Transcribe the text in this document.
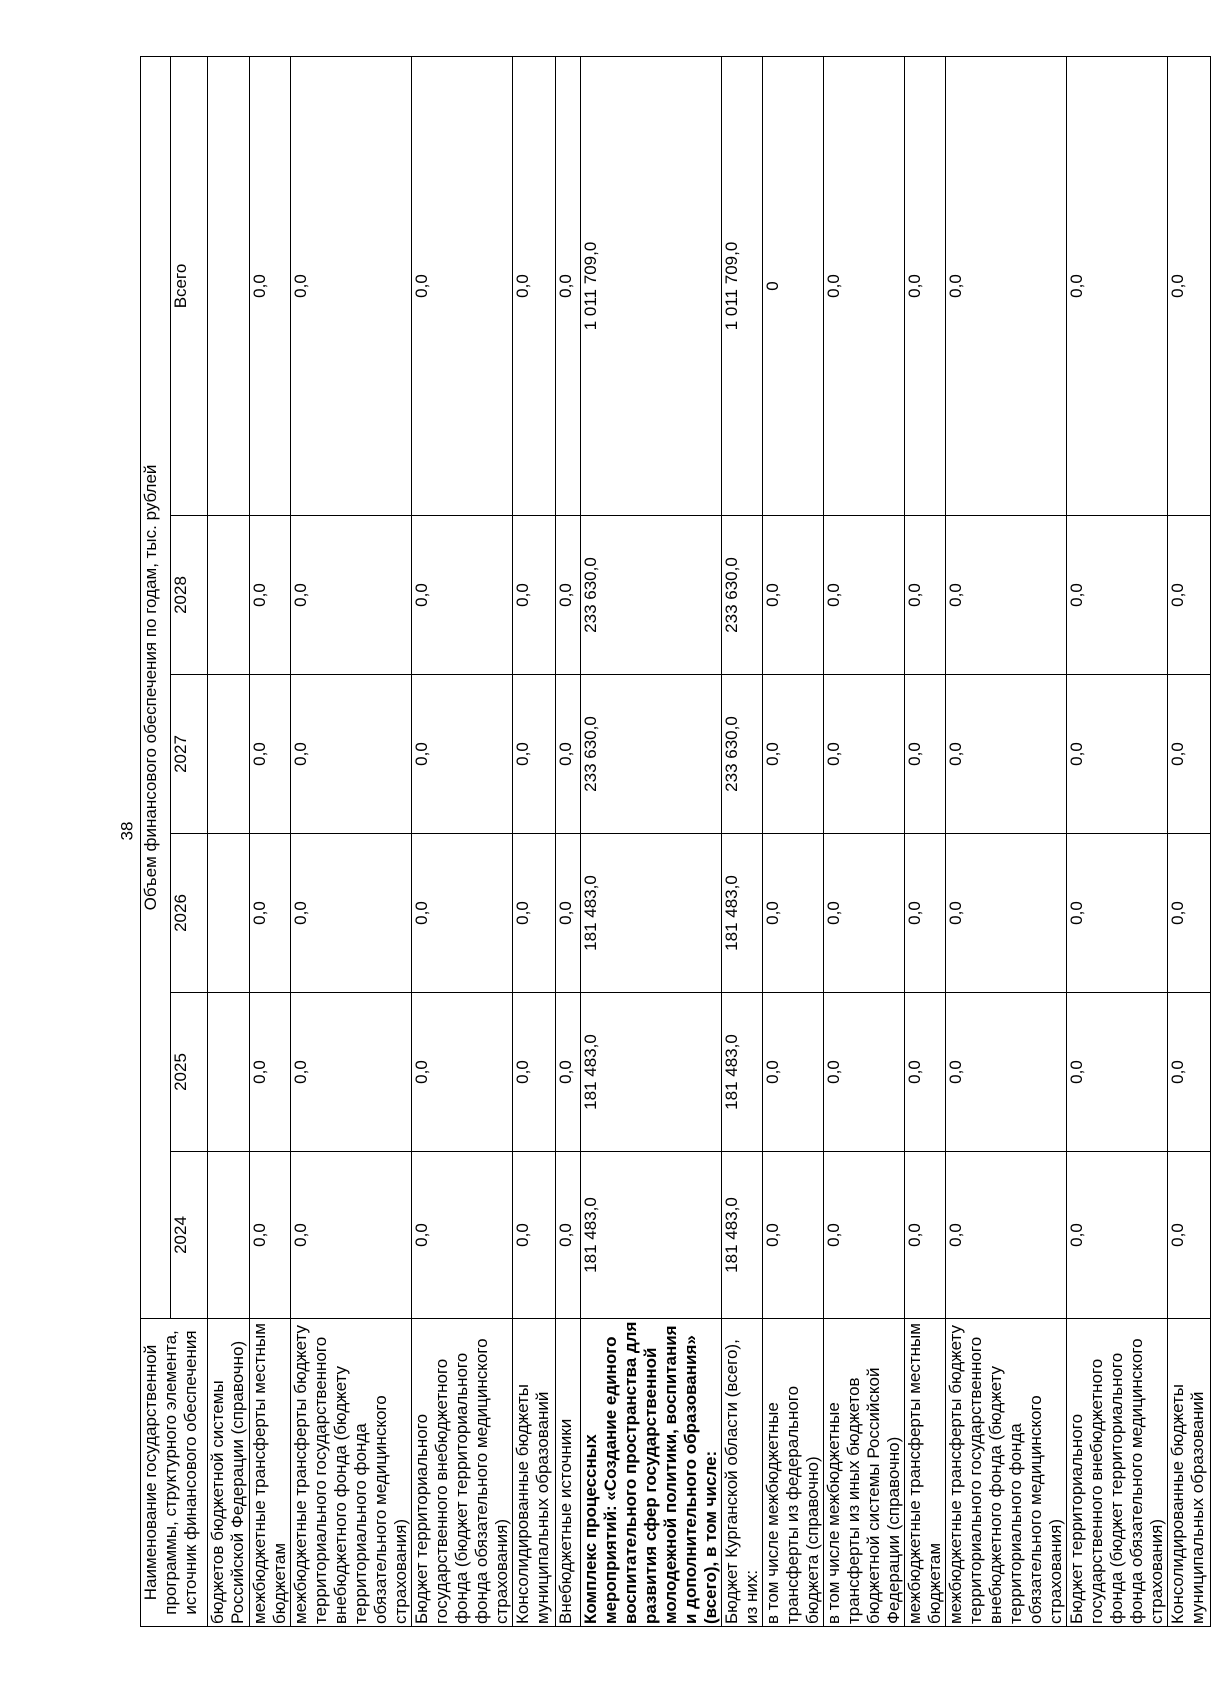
38
Наименование государственной программы, структурного элемента, источник финансового обеспечения	Объем финансового обеспечения по годам, тыс. рублей					
	2024	2025	2026	2027	2028	Всего
бюджетов бюджетной системы Российской Федерации (справочно)						
межбюджетные трансферты местным бюджетам	0,0	0,0	0,0	0,0	0,0	0,0
межбюджетные трансферты бюджету территориального государственного внебюджетного фонда (бюджету территориального фонда обязательного медицинского страхования)	0,0	0,0	0,0	0,0	0,0	0,0
Бюджет территориального государственного внебюджетного фонда (бюджет территориального фонда обязательного медицинского страхования)	0,0	0,0	0,0	0,0	0,0	0,0
Консолидированные бюджеты муниципальных образований	0,0	0,0	0,0	0,0	0,0	0,0
Внебюджетные источники	0,0	0,0	0,0	0,0	0,0	0,0
Комплекс процессных мероприятий: «Создание единого воспитательного пространства для развития сфер государственной молодежной политики, воспитания и дополнительного образования» (всего), в том числе:	181 483,0	181 483,0	181 483,0	233 630,0	233 630,0	1 011 709,0
Бюджет Курганской области (всего), из них:	181 483,0	181 483,0	181 483,0	233 630,0	233 630,0	1 011 709,0
в том числе межбюджетные трансферты из федерального бюджета (справочно)	0,0	0,0	0,0	0,0	0,0	0
в том числе межбюджетные трансферты из иных бюджетов бюджетной системы Российской Федерации (справочно)	0,0	0,0	0,0	0,0	0,0	0,0
межбюджетные трансферты местным бюджетам	0,0	0,0	0,0	0,0	0,0	0,0
межбюджетные трансферты бюджету территориального государственного внебюджетного фонда (бюджету территориального фонда обязательного медицинского страхования)	0,0	0,0	0,0	0,0	0,0	0,0
Бюджет территориального государственного внебюджетного фонда (бюджет территориального фонда обязательного медицинского страхования)	0,0	0,0	0,0	0,0	0,0	0,0
Консолидированные бюджеты муниципальных образований	0,0	0,0	0,0	0,0	0,0	0,0
